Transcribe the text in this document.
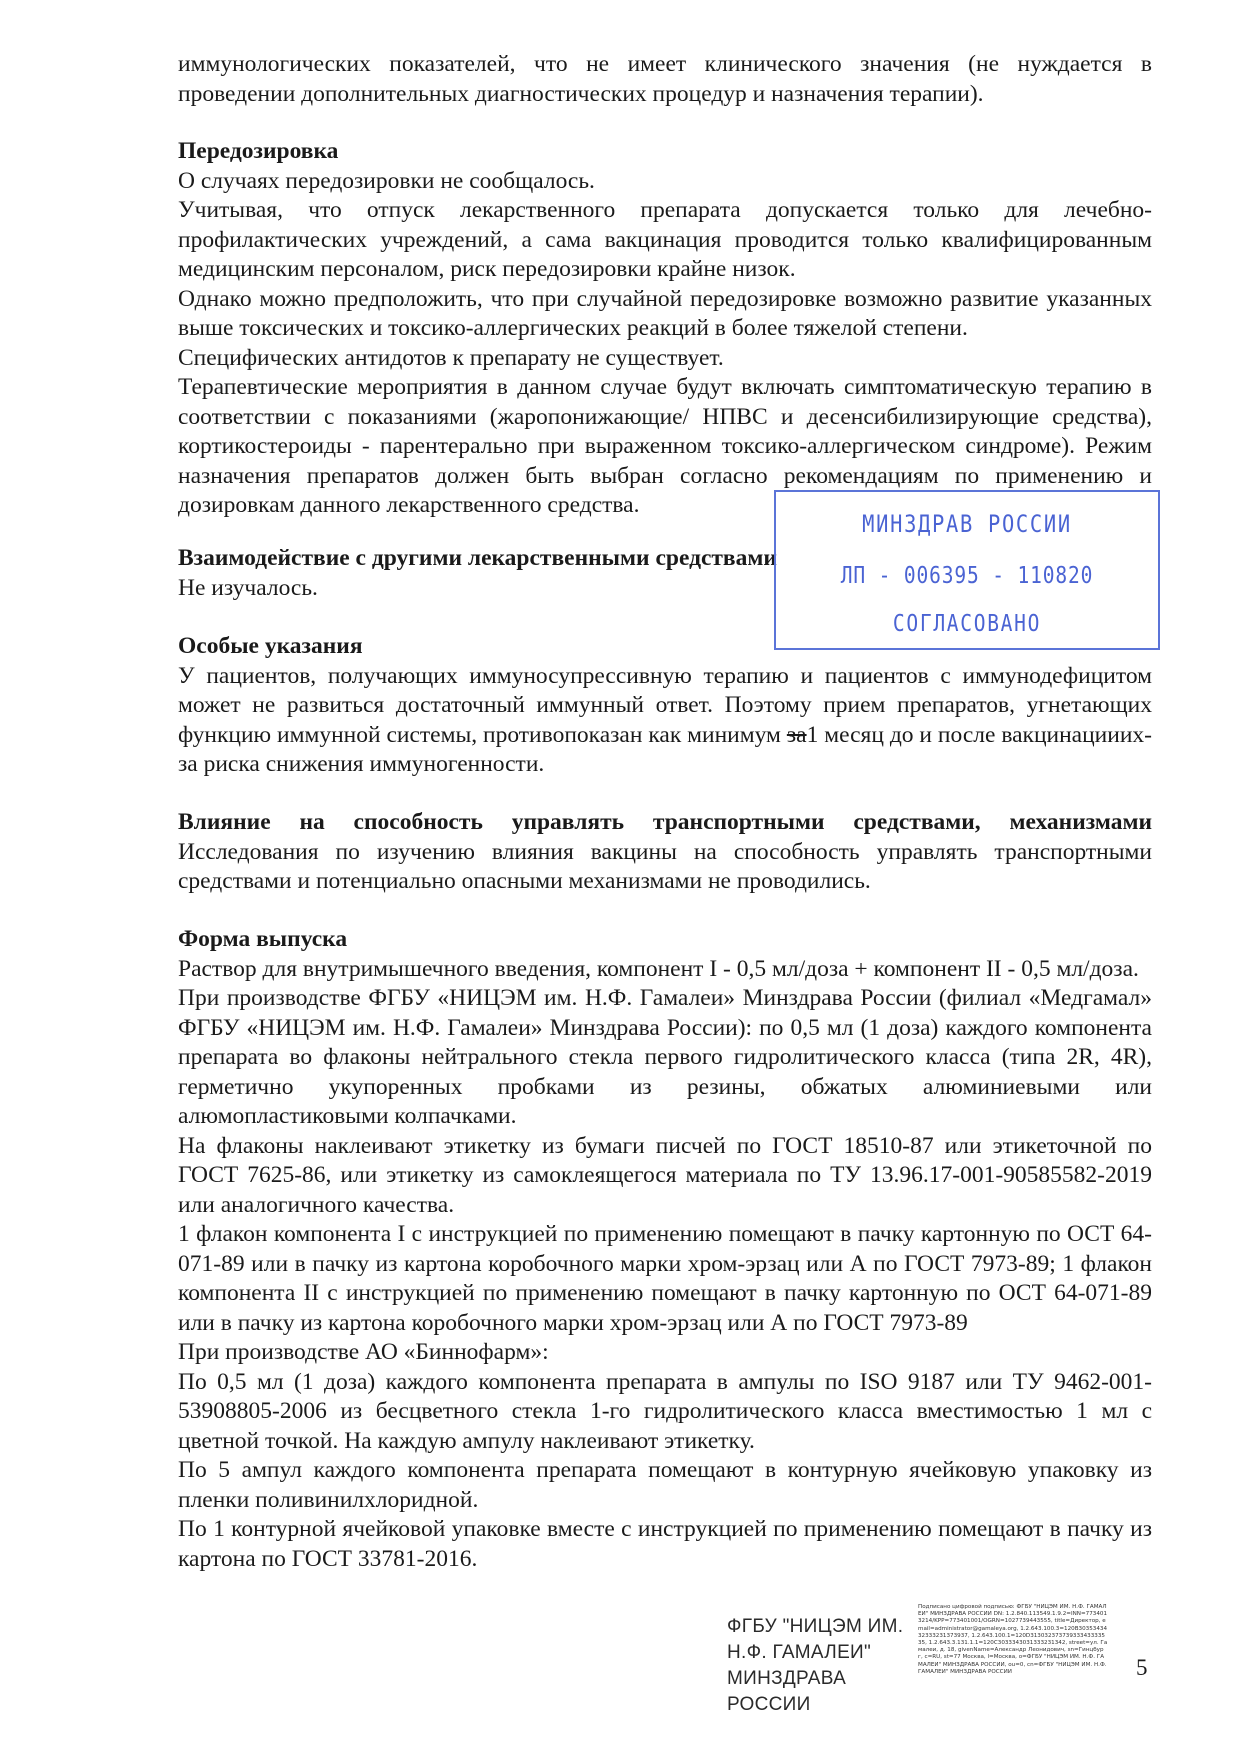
иммунологических показателей, что не имеет клинического значения (не нуждается в

проведении дополнительных диагностических процедур и назначения терапии).

Передозировка

О случаях передозировки не сообщалось.

Учитывая, что отпуск лекарственного препарата допускается только для лечебно-профилактических учреждений, а сама вакцинация проводится только квалифицированным медицинским персоналом, риск передозировки крайне низок.

Однако можно предположить, что при случайной передозировке возможно развитие указанных выше токсических и токсико-аллергических реакций в более тяжелой степени.

Специфических антидотов к препарату не существует.

Терапевтические мероприятия в данном случае будут включать симптоматическую терапию в соответствии с показаниями (жаропонижающие/ НПВС и десенсибилизирующие средства), кортикостероиды - парентерально при выраженном токсико-аллергическом синдроме). Режим назначения препаратов должен быть выбран согласно рекомендациям по применению и дозировкам данного лекарственного средства.

Взаимодействие с другими лекарственными средствами

Не изучалось.

МИНЗДРАВ РОССИИ
ЛП - 006395 - 110820
СОГЛАСОВАНО

Особые указания

У пациентов, получающих иммуносупрессивную терапию и пациентов с иммунодефицитом может не развиться достаточный иммунный ответ. Поэтому прием препаратов, угнетающих функцию иммунной системы, противопоказан как минимум за1 месяц до и после вакцинацииих-за риска снижения иммуногенности.

Влияние на способность управлять транспортными средствами, механизмами

Исследования по изучению влияния вакцины на способность управлять транспортными средствами и потенциально опасными механизмами не проводились.

Форма выпуска

Раствор для внутримышечного введения, компонент I - 0,5 мл/доза + компонент II - 0,5 мл/доза.

При производстве ФГБУ «НИЦЭМ им. Н.Ф. Гамалеи» Минздрава России (филиал «Медгамал» ФГБУ «НИЦЭМ им. Н.Ф. Гамалеи» Минздрава России): по 0,5 мл (1 доза) каждого компонента препарата во флаконы нейтрального стекла первого гидролитического класса (типа 2R, 4R), герметично укупоренных пробками из резины, обжатых алюминиевыми или алюмопластиковыми колпачками.

На флаконы наклеивают этикетку из бумаги писчей по ГОСТ 18510-87 или этикеточной по ГОСТ 7625-86, или этикетку из самоклеящегося материала по ТУ 13.96.17-001-90585582-2019 или аналогичного качества.

1 флакон компонента I с инструкцией по применению помещают в пачку картонную по ОСТ 64-071-89 или в пачку из картона коробочного марки хром-эрзац или А по ГОСТ 7973-89; 1 флакон компонента II с инструкцией по применению помещают в пачку картонную по ОСТ 64-071-89 или в пачку из картона коробочного марки хром-эрзац или А по ГОСТ 7973-89

При производстве АО «Биннофарм»:

По 0,5 мл (1 доза) каждого компонента препарата в ампулы по ISO 9187 или ТУ 9462-001-53908805-2006 из бесцветного стекла 1-го гидролитического класса вместимостью 1 мл с цветной точкой. На каждую ампулу наклеивают этикетку.

По 5 ампул каждого компонента препарата помещают в контурную ячейковую упаковку из пленки поливинилхлоридной.

По 1 контурной ячейковой упаковке вместе с инструкцией по применению помещают в пачку из картона по ГОСТ 33781-2016.

ФГБУ "НИЦЭМ ИМ.
Н.Ф. ГАМАЛЕИ"
МИНЗДРАВА РОССИИ
Подписано цифровой подписью: ФГБУ "НИЦЭМ ИМ. Н.Ф. ГАМАЛЕИ" МИНЗДРАВА РОССИИ DN: 1.2.840.113549.1.9.2=INN=7734013214/KPP=773401001/OGRN=1027739443555, title=Директор, email=administrator@gamaleya.org, 1.2.643.100.3=120B3035343432333231373937, 1.2.643.100.1=120D31303237373933343333535, 1.2.643.3.131.1.1=120C3033343031333231342, street=ул. Гамалеи, д. 18, givenName=Александр Леонидович, sn=Гинцбург, c=RU, st=77 Москва, l=Москва, o=ФГБУ "НИЦЭМ ИМ. Н.Ф. ГАМАЛЕИ" МИНЗДРАВА РОССИИ, ou=0, cn=ФГБУ "НИЦЭМ ИМ. Н.Ф. ГАМАЛЕИ" МИНЗДРАВА РОССИИ	5
